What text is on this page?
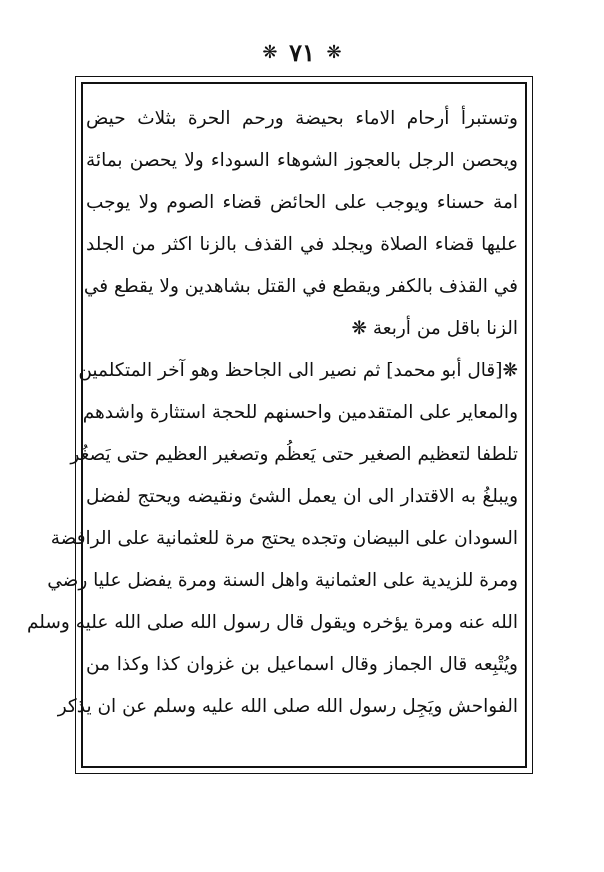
❋ ٧١ ❋
وتستبرأ أرحام الاماء بحيضة ورحم الحرة بثلاث حيض
ويحصن الرجل بالعجوز الشوهاء السوداء ولا يحصن بمائة
امة حسناء ويوجب على الحائض قضاء الصوم ولا يوجب
عليها قضاء الصلاة ويجلد في القذف بالزنا اكثر من الجلد
في القذف بالكفر ويقطع في القتل بشاهدين ولا يقطع في
الزنا باقل من أربعة ❋
❋[قال أبو محمد] ثم نصير الى الجاحظ وهو آخر المتكلمين
والمعاير على المتقدمين واحسنهم للحجة استثارة واشدهم
تلطفا لتعظيم الصغير حتى يَعظُم وتصغير العظيم حتى يَصغُر
ويبلغُ به الاقتدار الى ان يعمل الشئ ونقيضه ويحتج لفضل
السودان على البيضان وتجده يحتج مرة للعثمانية على الرافضة
ومرة للزيدية على العثمانية واهل السنة ومرة يفضل عليا رضي
الله عنه ومرة يؤخره ويقول قال رسول الله صلى الله عليه وسلم
ويُتْبِعه قال الجماز وقال اسماعيل بن غزوان كذا وكذا من
الفواحش ويَجِل رسول الله صلى الله عليه وسلم عن ان يذكر
